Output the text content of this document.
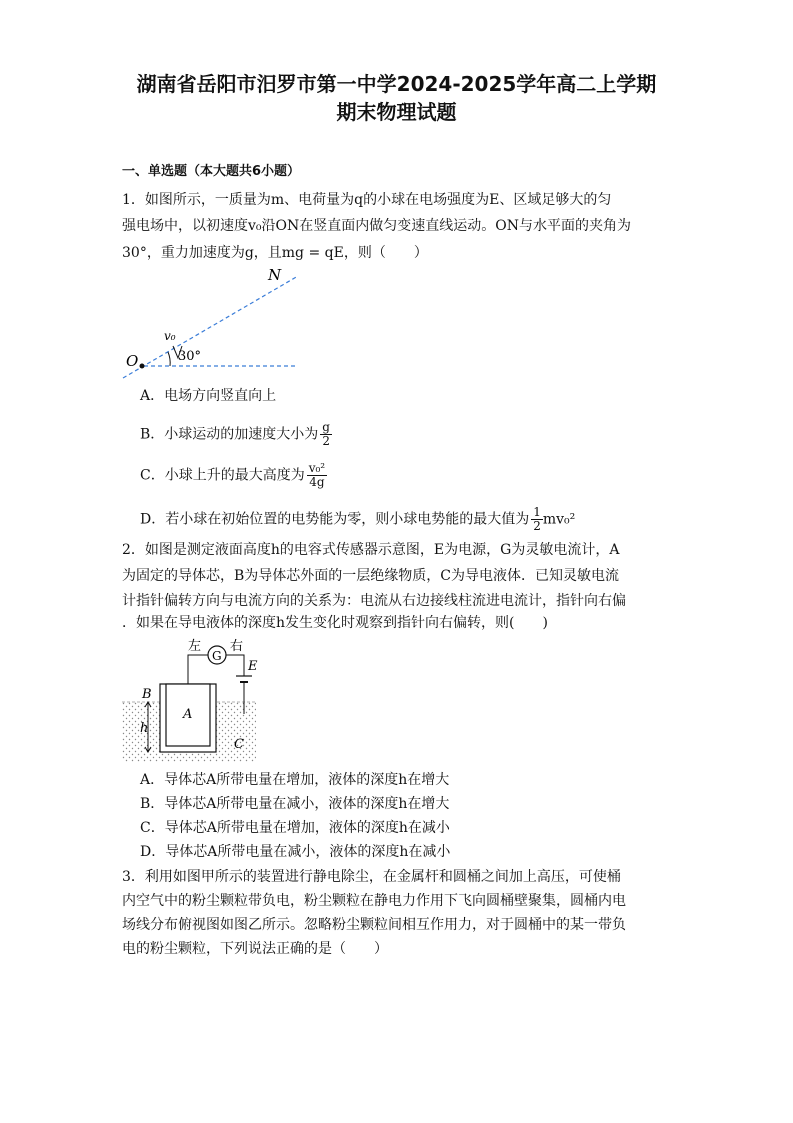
湖南省岳阳市汨罗市第一中学2024-2025学年高二上学期
期末物理试题
一、单选题（本大题共6小题）
1．如图所示，一质量为m、电荷量为q的小球在电场强度为E、区域足够大的匀
强电场中，以初速度v₀沿ON在竖直面内做匀变速直线运动。ON与水平面的夹角为
30°，重力加速度为g，且mg = qE，则（　　）
N
O
v₀
30°
A．电场方向竖直向上
B．小球运动的加速度大小为 $\frac{g}{2}$
C．小球上升的最大高度为 $\frac{\text{v₀²}}{4g}$
D．若小球在初始位置的电势能为零，则小球电势能的最大值为 $\frac{1}{2} mv_0^2$
2．如图是测定液面高度h的电容式传感器示意图，E为电源，G为灵敏电流计，A
为固定的导体芯，B为导体芯外面的一层绝缘物质，C为导电液体．已知灵敏电流
计指针偏转方向与电流方向的关系为：电流从右边接线柱流进电流计，指针向右偏
．如果在导电液体的深度h发生变化时观察到指针向右偏转，则(　　)
左 右
G
E
B
A
h
C
A．导体芯A所带电量在增加，液体的深度h在增大
B．导体芯A所带电量在减小，液体的深度h在增大
C．导体芯A所带电量在增加，液体的深度h在减小
D．导体芯A所带电量在减小，液体的深度h在减小
3．利用如图甲所示的装置进行静电除尘，在金属杆和圆桶之间加上高压，可使桶
内空气中的粉尘颗粒带负电，粉尘颗粒在静电力作用下飞向圆桶壁聚集，圆桶内电
场线分布俯视图如图乙所示。忽略粉尘颗粒间相互作用力，对于圆桶中的某一带负
电的粉尘颗粒，下列说法正确的是（　　）
